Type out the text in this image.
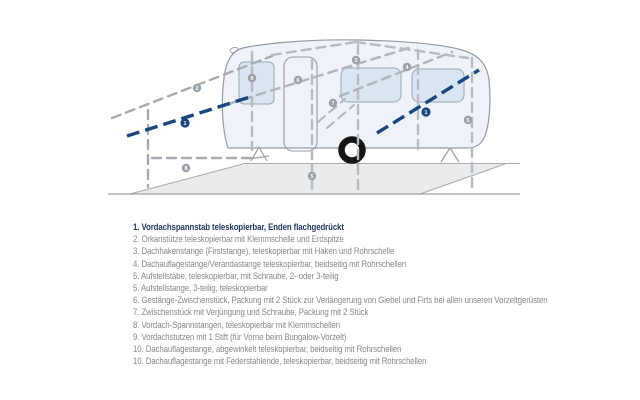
1
1
2
9	6
3
4
7
5
5
8
1. Vordachspannstab teleskopierbar, Enden flachgedrückt
2. Orkanstütze teleskopierbar mit Klemmschelle und Erdspitze
3. Dachhakenstange (Firststange), teleskopierbar mit Haken und Rohrschelle
4. Dachauflagestange/Verandastange teleskopierbar, beidseitig mit Rohrschellen
5. Aufstellstäbe, teleskopierbar, mit Schraube, 2- oder 3-teilig
5. Aufstellstange, 3-teilig, teleskopierbar
6. Gestänge-Zwischenstück, Packung mit 2 Stück zur Verlängerung von Giebel und Firts bei allen unseren Vorzeltgerüsten
7. Zwischenstück mit Verjüngung und Schraube, Packung mit 2 Stück
8. Vordach-Spannstangen, teleskopierbar mit Klemmschellen
9. Vordachstutzen mit 1 Stift (für Vorne beim Bungalow-Vorzelt)
10. Dachauflagestange, abgewinkelt teleskopierbar, beidseitig mit Rohrschellen
10. Dachauflagestange mit Federstahlende, teleskopierbar, beidseitig mit Rohrschellen
